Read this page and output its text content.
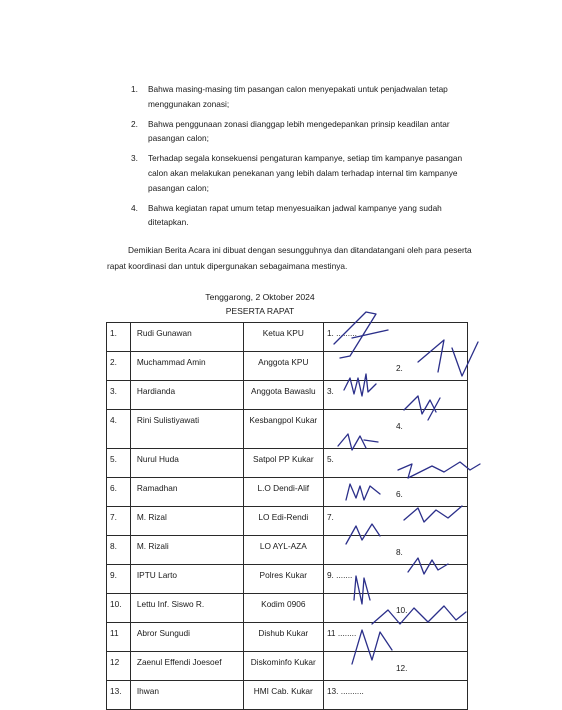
1. Bahwa masing-masing tim pasangan calon menyepakati untuk penjadwalan tetap menggunakan zonasi;
2. Bahwa penggunaan zonasi dianggap lebih mengedepankan prinsip keadilan antar pasangan calon;
3. Terhadap segala konsekuensi pengaturan kampanye, setiap tim kampanye pasangan calon akan melakukan penekanan yang lebih dalam terhadap internal tim kampanye pasangan calon;
4. Bahwa kegiatan rapat umum tetap menyesuaikan jadwal kampanye yang sudah ditetapkan.

Demikian Berita Acara ini dibuat dengan sesungguhnya dan ditandatangani oleh para peserta rapat koordinasi dan untuk dipergunakan sebagaimana mestinya.

Tenggarong, 2 Oktober 2024
PESERTA RAPAT
1.	Rudi Gunawan	Ketua KPU	1. .........

2.	Muchammad Amin	Anggota KPU	2.

3.	Hardianda	Anggota Bawaslu	3.

4.	Rini Sulistiyawati	Kesbangpol Kukar	4.

5.	Nurul Huda	Satpol PP Kukar	5.

6.	Ramadhan	L.O Dendi-Alif	6.

7.	M. Rizal	LO Edi-Rendi	7.

8.	M. Rizali	LO AYL-AZA	8.

9.	IPTU Larto	Polres Kukar	9. .......

10.	Lettu Inf. Siswo R.	Kodim 0906	10.

11	Abror Sungudi	Dishub Kukar	11 ........

12	Zaenul Effendi Joesoef	Diskominfo Kukar	12.

13.	Ihwan	HMI Cab. Kukar	13. ..........
